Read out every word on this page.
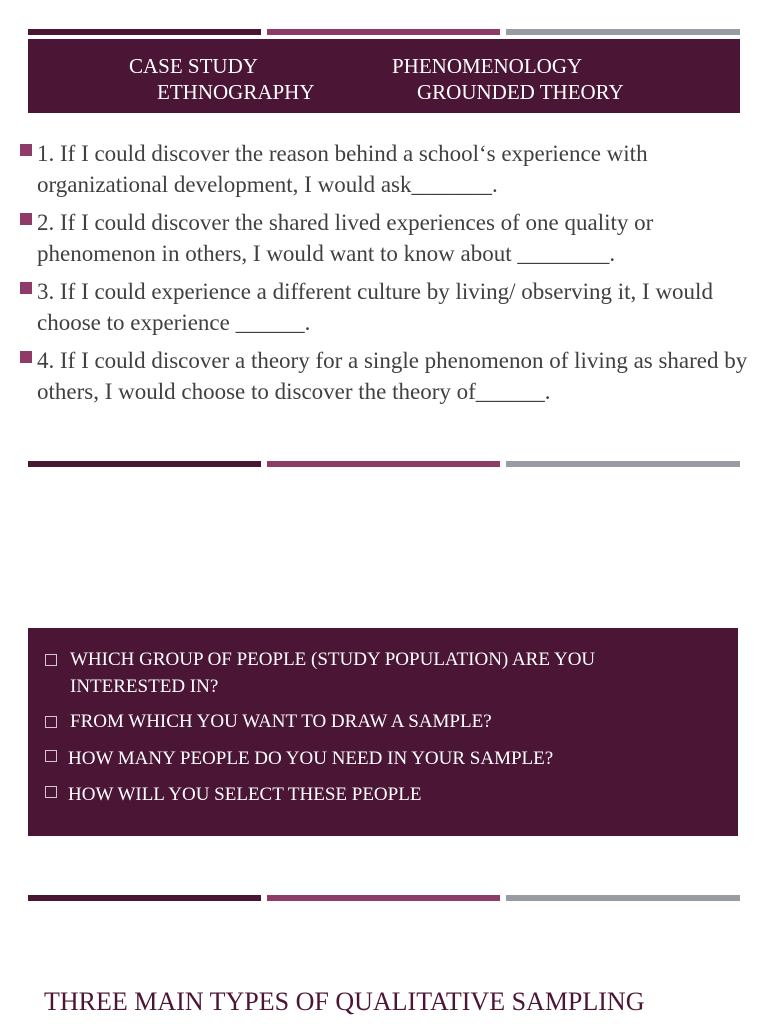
CASE STUDY	PHENOMENOLOGY
ETHNOGRAPHY	GROUNDED THEORY
1. If I could discover the reason behind a school‘s experience with organizational development, I would ask_______.
2. If I could discover the shared lived experiences of one quality or phenomenon in others, I would want to know about ________.
3. If I could experience a different culture by living/ observing it, I would choose to experience ______.
4. If I could discover a theory for a single phenomenon of living as shared by others, I would choose to discover the theory of______.
WHICH GROUP OF PEOPLE (STUDY POPULATION) ARE YOU INTERESTED IN?
FROM WHICH YOU WANT TO DRAW A SAMPLE?
HOW MANY PEOPLE DO YOU NEED IN YOUR SAMPLE?
HOW WILL YOU SELECT THESE PEOPLE
THREE MAIN TYPES OF QUALITATIVE SAMPLING
